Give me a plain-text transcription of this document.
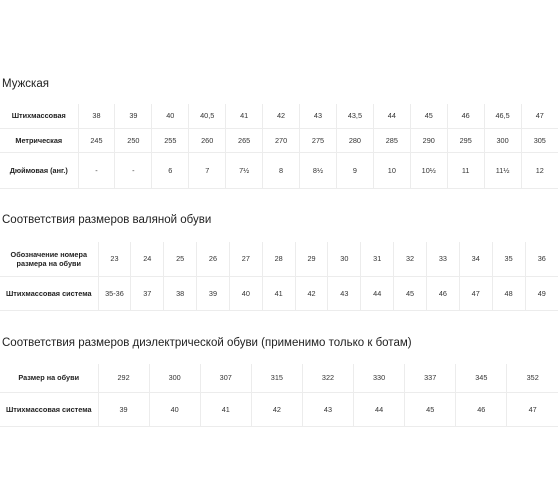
Мужская
Штихмассовая	38	39	40	40,5	41	42	43	43,5	44	45	46	46,5	47
Метрическая	245	250	255	260	265	270	275	280	285	290	295	300	305
Дюймовая (анг.)	-	-	6	7	7½	8	8½	9	10	10½	11	11½	12
Соответствия размеров валяной обуви
Обозначение номера размера на обуви	23	24	25	26	27	28	29	30	31	32	33	34	35	36
Штихмассовая система	35-36	37	38	39	40	41	42	43	44	45	46	47	48	49
Соответствия размеров диэлектрической обуви (применимо только к ботам)
Размер на обуви	292	300	307	315	322	330	337	345	352
Штихмассовая система	39	40	41	42	43	44	45	46	47
